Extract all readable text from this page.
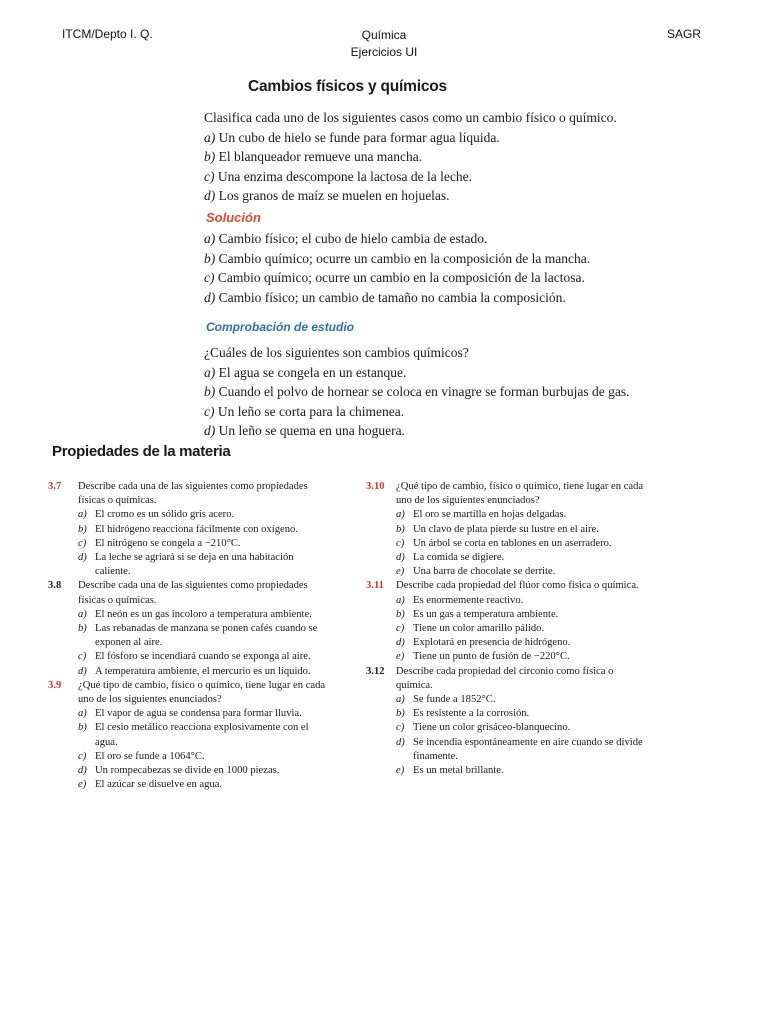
ITCM/Depto I. Q.	Química
Ejercicios UI
SAGR
Cambios físicos y químicos
Clasifica cada uno de los siguientes casos como un cambio físico o químico.
a) Un cubo de hielo se funde para formar agua líquida.
b) El blanqueador remueve una mancha.
c) Una enzima descompone la lactosa de la leche.
d) Los granos de maíz se muelen en hojuelas.
Solución
a) Cambio físico; el cubo de hielo cambia de estado.
b) Cambio químico; ocurre un cambio en la composición de la mancha.
c) Cambio químico; ocurre un cambio en la composición de la lactosa.
d) Cambio físico; un cambio de tamaño no cambia la composición.
Comprobación de estudio
¿Cuáles de los siguientes son cambios químicos?
a) El agua se congela en un estanque.
b) Cuando el polvo de hornear se coloca en vinagre se forman burbujas de gas.
c) Un leño se corta para la chimenea.
d) Un leño se quema en una hoguera.
Propiedades de la materia
3.7 Describe cada una de las siguientes como propiedades
físicas o químicas.
a) El cromo es un sólido gris acero.
b) El hidrógeno reacciona fácilmente con oxígeno.
c) El nitrógeno se congela a −210°C.
d) La leche se agriará si se deja en una habitación
caliente.
3.8 Describe cada una de las siguientes como propiedades
físicas o químicas.
a) El neón es un gas incoloro a temperatura ambiente.
b) Las rebanadas de manzana se ponen cafés cuando se
exponen al aire.
c) El fósforo se incendiará cuando se exponga al aire.
d) A temperatura ambiente, el mercurio es un líquido.
3.9 ¿Qué tipo de cambio, físico o químico, tiene lugar en cada
uno de los siguientes enunciados?
a) El vapor de agua se condensa para formar lluvia.
b) El cesio metálico reacciona explosivamente con el
agua.
c) El oro se funde a 1064°C.
d) Un rompecabezas se divide en 1000 piezas.
e) El azúcar se disuelve en agua.
3.10 ¿Qué tipo de cambio, físico o químico, tiene lugar en cada
uno de los siguientes enunciados?
a) El oro se martilla en hojas delgadas.
b) Un clavo de plata pierde su lustre en el aire.
c) Un árbol se corta en tablones en un aserradero.
d) La comida se digiere.
e) Una barra de chocolate se derrite.
3.11 Describe cada propiedad del flúor como física o química.
a) Es enormemente reactivo.
b) Es un gas a temperatura ambiente.
c) Tiene un color amarillo pálido.
d) Explotará en presencia de hidrógeno.
e) Tiene un punto de fusión de −220°C.
3.12 Describe cada propiedad del circonio como física o
química.
a) Se funde a 1852°C.
b) Es resistente a la corrosión.
c) Tiene un color grisáceo-blanquecino.
d) Se incendia espontáneamente en aire cuando se divide
finamente.
e) Es un metal brillante.
